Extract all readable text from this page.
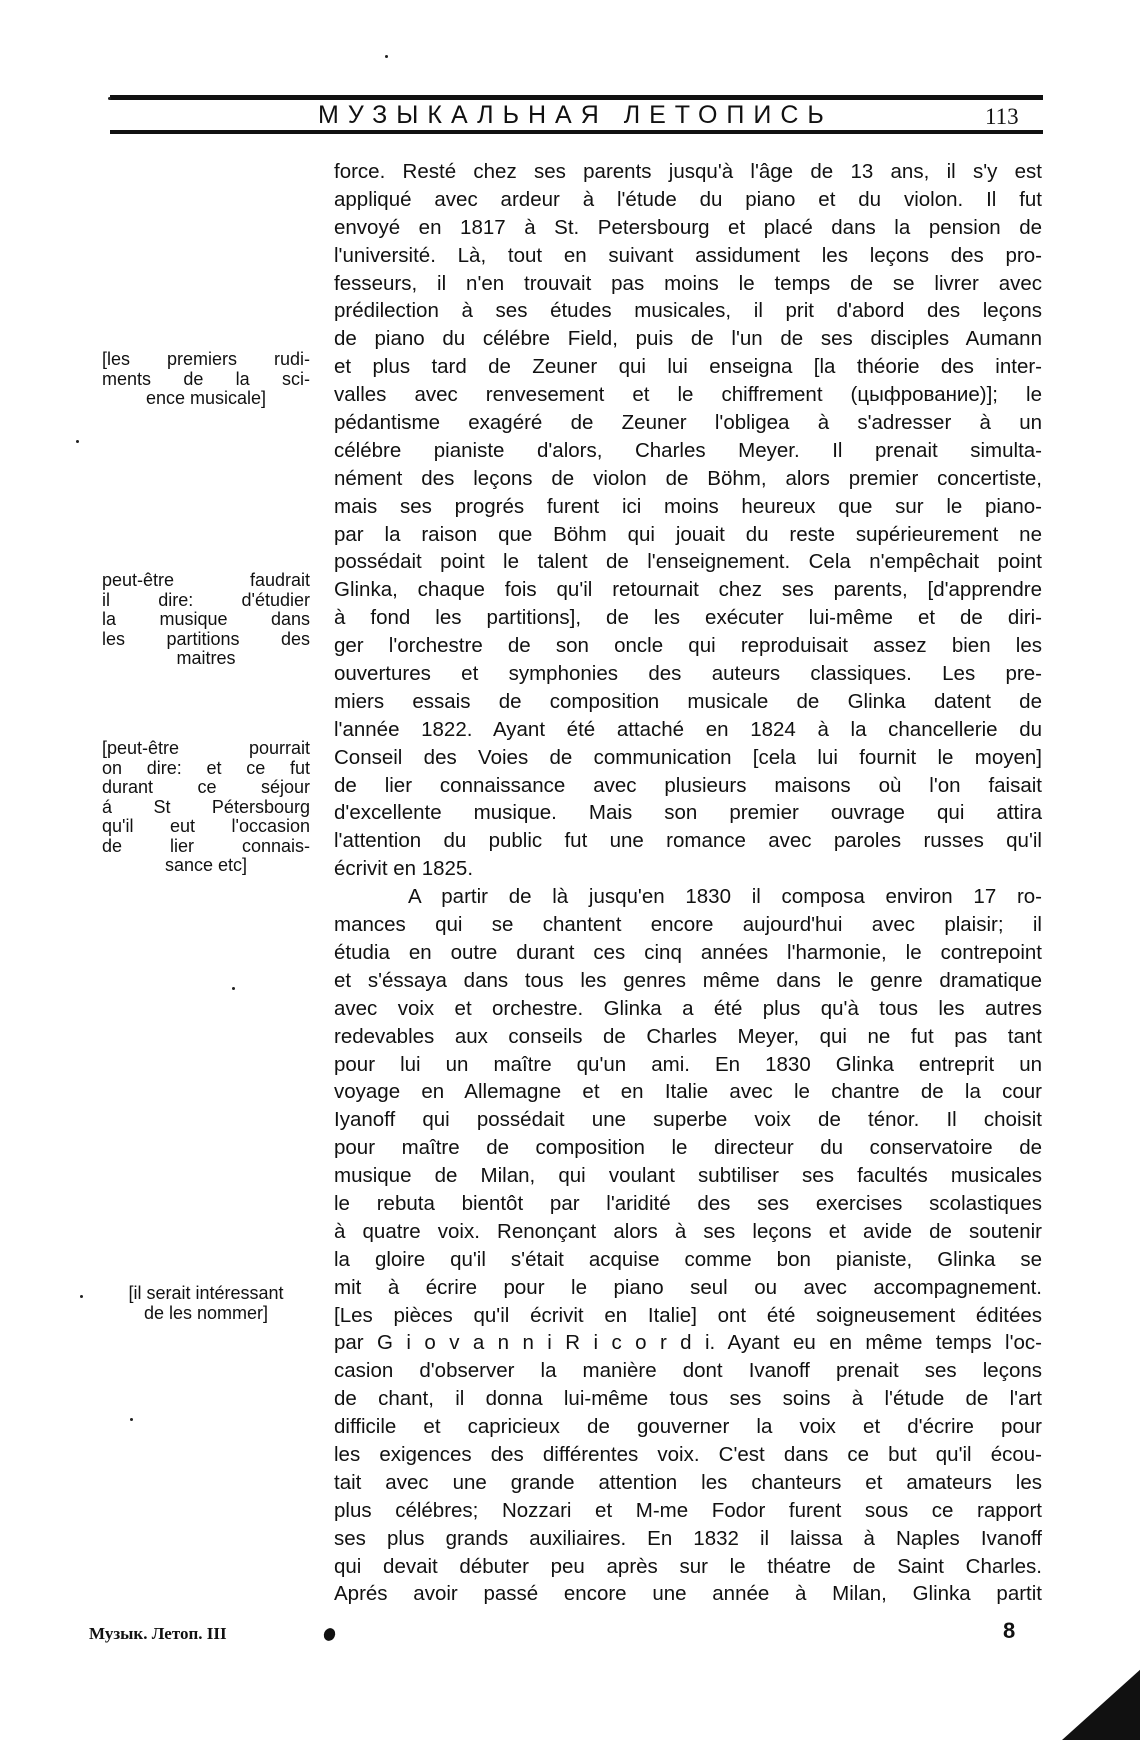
МУЗЫКАЛЬНАЯ ЛЕТОПИСЬ	113
force. Resté chez ses parents jusqu'à l'âge de 13 ans, il s'y est
appliqué avec ardeur à l'étude du piano et du violon. Il fut
envoyé en 1817 à St. Petersbourg et placé dans la pension de
l'université. Là, tout en suivant assidument les leçons des pro-
fesseurs, il n'en trouvait pas moins le temps de se livrer avec
prédilection à ses études musicales, il prit d'abord des leçons
de piano du célébre Field, puis de l'un de ses disciples Aumann
et plus tard de Zeuner qui lui enseigna [la théorie des inter-
valles avec renvesement et le chiffrement (цыфрованиe)]; le
pédantisme exagéré de Zeuner l'obligea à s'adresser à un
célébre pianiste d'alors, Charles Meyer. Il prenait simulta-
nément des leçons de violon de Böhm, alors premier concertiste,
mais ses progrés furent ici moins heureux que sur le piano-
par la raison que Böhm qui jouait du reste supérieurement ne
possédait point le talent de l'enseignement. Cela n'empêchait point
Glinka, chaque fois qu'il retournait chez ses parents, [d'apprendre
à fond les partitions], de les exécuter lui-même et de diri-
ger l'orchestre de son oncle qui reproduisait assez bien les
ouvertures et symphonies des auteurs classiques. Les pre-
miers essais de composition musicale de Glinka datent de
l'année 1822. Ayant été attaché en 1824 à la chancellerie du
Conseil des Voies de communication [cela lui fournit le moyen]
de lier connaissance avec plusieurs maisons où l'on faisait
d'excellente musique. Mais son premier ouvrage qui attira
l'attention du public fut une romance avec paroles russes qu'il
écrivit en 1825.
A partir de là jusqu'en 1830 il composa environ 17 ro-
mances qui se chantent encore aujourd'hui avec plaisir; il
étudia en outre durant ces cinq années l'harmonie, le contrepoint
et s'éssaya dans tous les genres même dans le genre dramatique
avec voix et orchestre. Glinka a été plus qu'à tous les autres
redevables aux conseils de Charles Meyer, qui ne fut pas tant
pour lui un maître qu'un ami. En 1830 Glinka entreprit un
voyage en Allemagne et en Italie avec le chantre de la cour
Iyanoff qui possédait une superbe voix de ténor. Il choisit
pour maître de composition le directeur du conservatoire de
musique de Milan, qui voulant subtiliser ses facultés musicales
le rebuta bientôt par l'aridité des ses exercises scolastiques
à quatre voix. Renonçant alors à ses leçons et avide de soutenir
la gloire qu'il s'était acquise comme bon pianiste, Glinka se
mit à écrire pour le piano seul ou avec accompagnement.
[Les pièces qu'il écrivit en Italie] ont été soigneusement éditées
par G i o v a n n i R i c o r d i. Ayant eu en même temps l'oc-
casion d'observer la manière dont Ivanoff prenait ses leçons
de chant, il donna lui-même tous ses soins à l'étude de l'art
difficile et capricieux de gouverner la voix et d'écrire pour
les exigences des différentes voix. C'est dans ce but qu'il écou-
tait avec une grande attention les chanteurs et amateurs les
plus célébres; Nozzari et M-me Fodor furent sous ce rapport
ses plus grands auxiliaires. En 1832 il laissa à Naples Ivanoff
qui devait débuter peu après sur le théatre de Saint Charles.
Aprés avoir passé encore une année à Milan, Glinka partit
[les premiers rudi-
ments de la sci-
ence musicale]
peut-être faudrait
il dire: d'étudier
la musique dans
les partitions des
maitres
[peut-être pourrait
on dire: et ce fut
durant ce séjour
á St Pétersbourg
qu'il eut l'occasion
de lier connais-
sance etc]
[il serait intéressant
de les nommer]
Музык. Летоп. III	8
